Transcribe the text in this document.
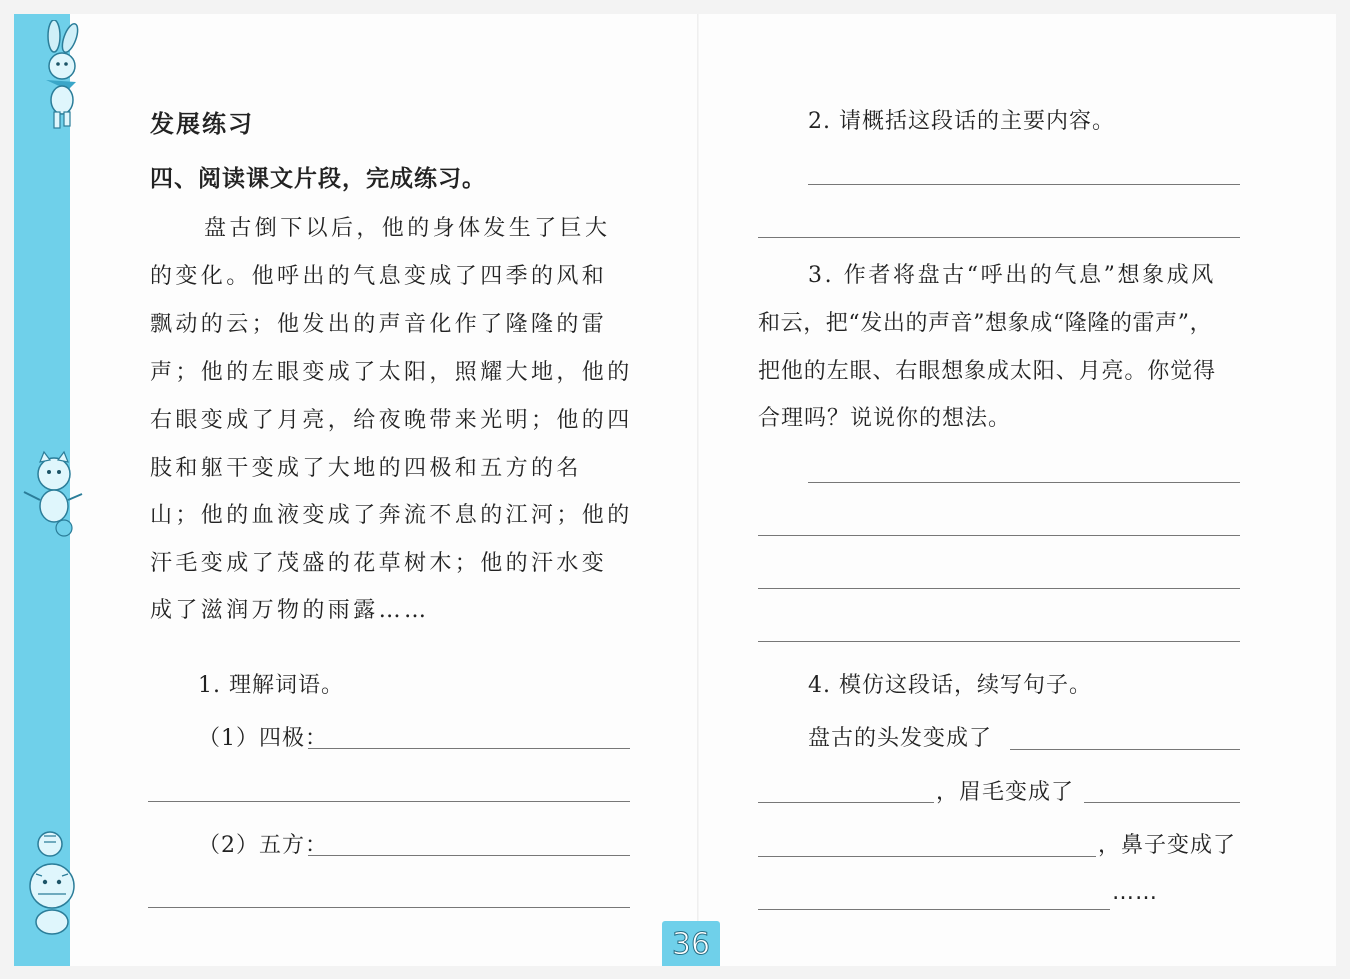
发展练习
四、阅读课文片段，完成练习。
盘古倒下以后，他的身体发生了巨大
的变化。他呼出的气息变成了四季的风和
飘动的云；他发出的声音化作了隆隆的雷
声；他的左眼变成了太阳，照耀大地，他的
右眼变成了月亮，给夜晚带来光明；他的四
肢和躯干变成了大地的四极和五方的名
山；他的血液变成了奔流不息的江河；他的
汗毛变成了茂盛的花草树木；他的汗水变
成了滋润万物的雨露……
1. 理解词语。
（1）四极：
（2）五方：
2. 请概括这段话的主要内容。
3. 作者将盘古“呼出的气息”想象成风
和云，把“发出的声音”想象成“隆隆的雷声”，
把他的左眼、右眼想象成太阳、月亮。你觉得
合理吗？说说你的想法。
4. 模仿这段话，续写句子。
盘古的头发变成了
，眉毛变成了
，鼻子变成了
……
36
